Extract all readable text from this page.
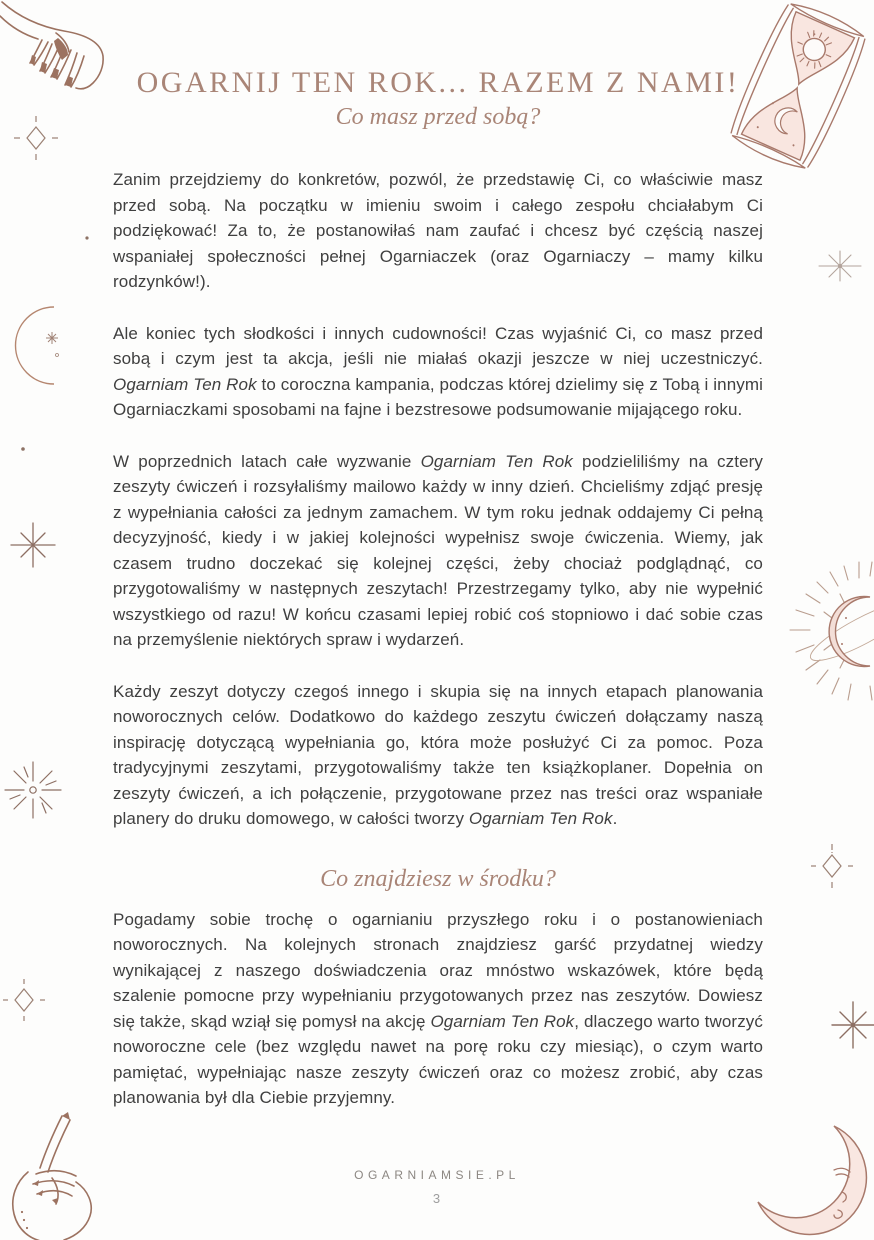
OGARNIJ TEN ROK... RAZEM Z NAMI!
Co masz przed sobą?

Zanim przejdziemy do konkretów, pozwól, że przedstawię Ci, co właściwie masz przed sobą. Na początku w imieniu swoim i całego zespołu chciałabym Ci podziękować! Za to, że postanowiłaś nam zaufać i chcesz być częścią naszej wspaniałej społeczności pełnej Ogarniaczek (oraz Ogarniaczy – mamy kilku rodzynków!).

Ale koniec tych słodkości i innych cudowności! Czas wyjaśnić Ci, co masz przed sobą i czym jest ta akcja, jeśli nie miałaś okazji jeszcze w niej uczestniczyć. Ogarniam Ten Rok to coroczna kampania, podczas której dzielimy się z Tobą i innymi Ogarniaczkami sposobami na fajne i bezstresowe podsumowanie mijającego roku.

W poprzednich latach całe wyzwanie Ogarniam Ten Rok podzieliliśmy na cztery zeszyty ćwiczeń i rozsyłaliśmy mailowo każdy w inny dzień. Chcieliśmy zdjąć presję z wypełniania całości za jednym zamachem. W tym roku jednak oddajemy Ci pełną decyzyjność, kiedy i w jakiej kolejności wypełnisz swoje ćwiczenia. Wiemy, jak czasem trudno doczekać się kolejnej części, żeby chociaż podglądnąć, co przygotowaliśmy w następnych zeszytach! Przestrzegamy tylko, aby nie wypełnić wszystkiego od razu! W końcu czasami lepiej robić coś stopniowo i dać sobie czas na przemyślenie niektórych spraw i wydarzeń.

Każdy zeszyt dotyczy czegoś innego i skupia się na innych etapach planowania noworocznych celów. Dodatkowo do każdego zeszytu ćwiczeń dołączamy naszą inspirację dotyczącą wypełniania go, która może posłużyć Ci za pomoc. Poza tradycyjnymi zeszytami, przygotowaliśmy także ten książkoplaner. Dopełnia on zeszyty ćwiczeń, a ich połączenie, przygotowane przez nas treści oraz wspaniałe planery do druku domowego, w całości tworzy Ogarniam Ten Rok.

Co znajdziesz w środku?

Pogadamy sobie trochę o ogarnianiu przyszłego roku i o postanowieniach noworocznych. Na kolejnych stronach znajdziesz garść przydatnej wiedzy wynikającej z naszego doświadczenia oraz mnóstwo wskazówek, które będą szalenie pomocne przy wypełnianiu przygotowanych przez nas zeszytów. Dowiesz się także, skąd wziął się pomysł na akcję Ogarniam Ten Rok, dlaczego warto tworzyć noworoczne cele (bez względu nawet na porę roku czy miesiąc), o czym warto pamiętać, wypełniając nasze zeszyty ćwiczeń oraz co możesz zrobić, aby czas planowania był dla Ciebie przyjemny.

OGARNIAMSIE.PL
3
